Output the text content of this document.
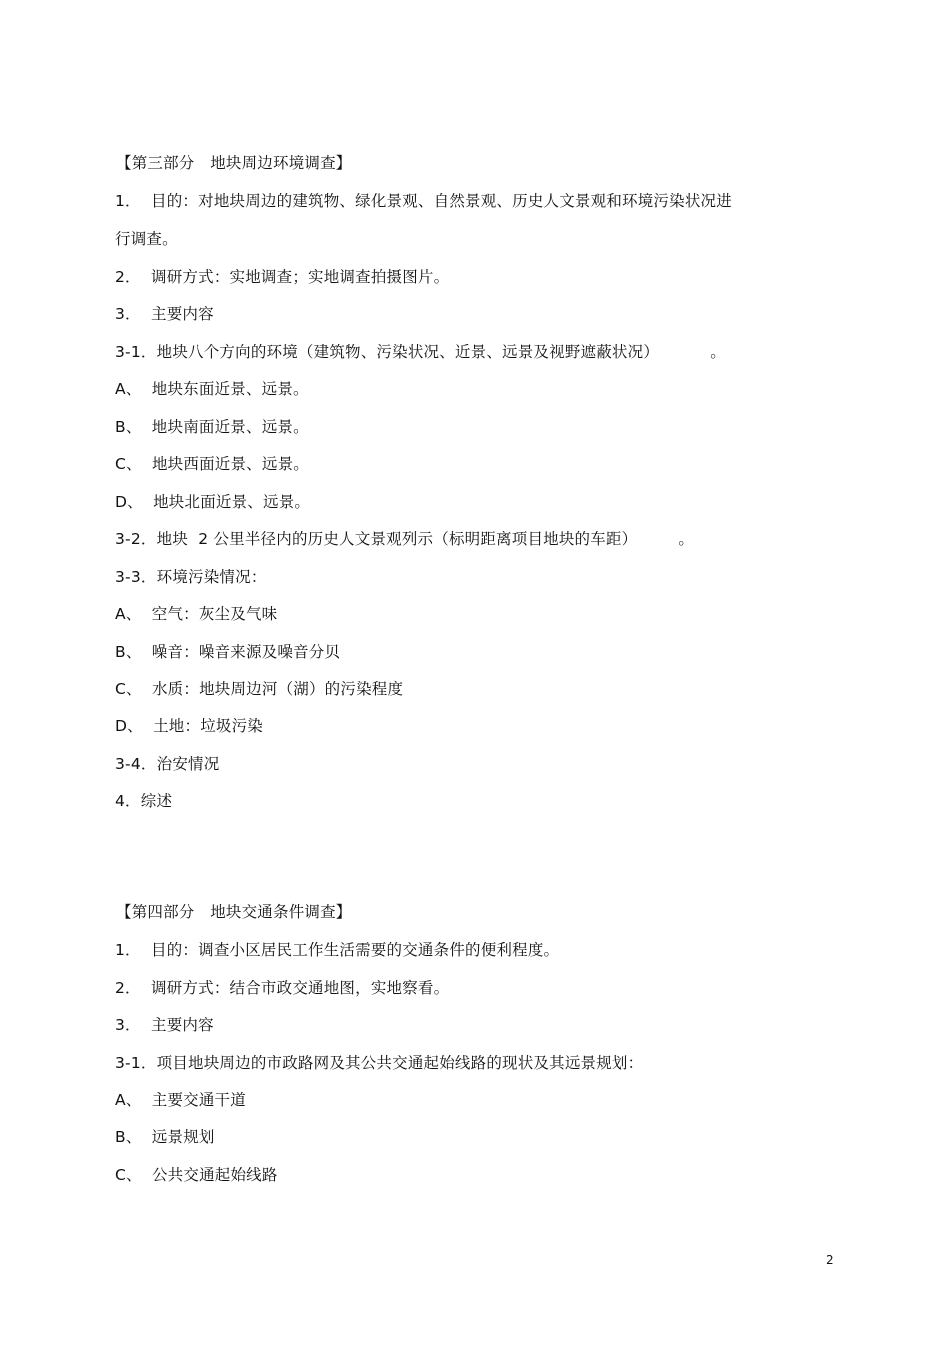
【第三部分　地块周边环境调查】
1．  目的：对地块周边的建筑物、绿化景观、自然景观、历史人文景观和环境污染状况进
行调查。
2．  调研方式：实地调查；实地调查拍摄图片。
3．  主要内容
3-1．地块八个方向的环境（建筑物、污染状况、近景、远景及视野遮蔽状况）          。
A、  地块东面近景、远景。
B、  地块南面近景、远景。
C、  地块西面近景、远景。
D、  地块北面近景、远景。
3-2．地块  2 公里半径内的历史人文景观列示（标明距离项目地块的车距）        。
3-3．环境污染情况：
A、  空气：灰尘及气味
B、  噪音：噪音来源及噪音分贝
C、  水质：地块周边河（湖）的污染程度
D、  土地：垃圾污染
3-4．治安情况
4．综述
【第四部分　地块交通条件调查】
1．  目的：调查小区居民工作生活需要的交通条件的便利程度。
2．  调研方式：结合市政交通地图，实地察看。
3．  主要内容
3-1．项目地块周边的市政路网及其公共交通起始线路的现状及其远景规划：
A、  主要交通干道
B、  远景规划
C、  公共交通起始线路
2
